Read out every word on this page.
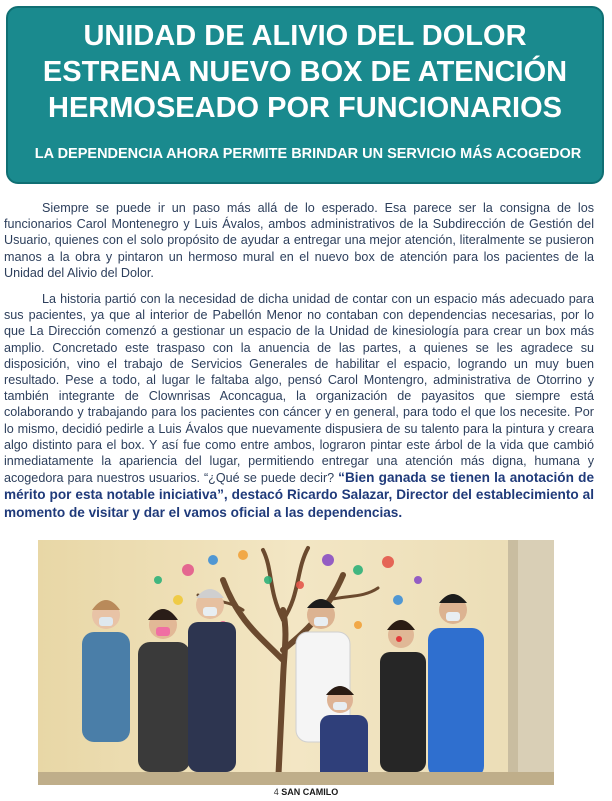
UNIDAD DE ALIVIO DEL DOLOR
ESTRENA NUEVO BOX DE ATENCIÓN
HERMOSEADO POR FUNCIONARIOS

LA DEPENDENCIA AHORA PERMITE BRINDAR UN SERVICIO MÁS ACOGEDOR

Siempre se puede ir un paso más allá de lo esperado. Esa parece ser la consigna de los funcionarios Carol Montenegro y Luis Ávalos, ambos administrativos de la Subdirección de Gestión del Usuario, quienes con el solo propósito de ayudar a entregar una mejor atención, literalmente se pusieron manos a la obra y pintaron un hermoso mural en el nuevo box de atención para los pacientes de la Unidad del Alivio del Dolor.

La historia partió con la necesidad de dicha unidad de contar con un espacio más adecuado para sus pacientes, ya que al interior de Pabellón Menor no contaban con dependencias necesarias, por lo que La Dirección comenzó a gestionar un espacio de la Unidad de kinesiología para crear un box más amplio. Concretado este traspaso con la anuencia de las partes, a quienes se les agradece su disposición, vino el trabajo de Servicios Generales de habilitar el espacio, logrando un muy buen resultado. Pese a todo, al lugar le faltaba algo, pensó Carol Montengro, administrativa de Otorrino y también integrante de Clownrisas Aconcagua, la organización de payasitos que siempre está colaborando y trabajando para los pacientes con cáncer y en general, para todo el que los necesite. Por lo mismo, decidió pedirle a Luis Ávalos que nuevamente dispusiera de su talento para la pintura y creara algo distinto para el box. Y así fue como entre ambos, lograron pintar este árbol de la vida que cambió inmediatamente la apariencia del lugar, permitiendo entregar una atención más digna, humana y acogedora para nuestros usuarios. “¿Qué se puede decir? “Bien ganada se tienen la anotación de mérito por esta notable iniciativa”, destacó Ricardo Salazar, Director del establecimiento al momento de visitar y dar el vamos oficial a las dependencias.

4 SAN CAMILO
